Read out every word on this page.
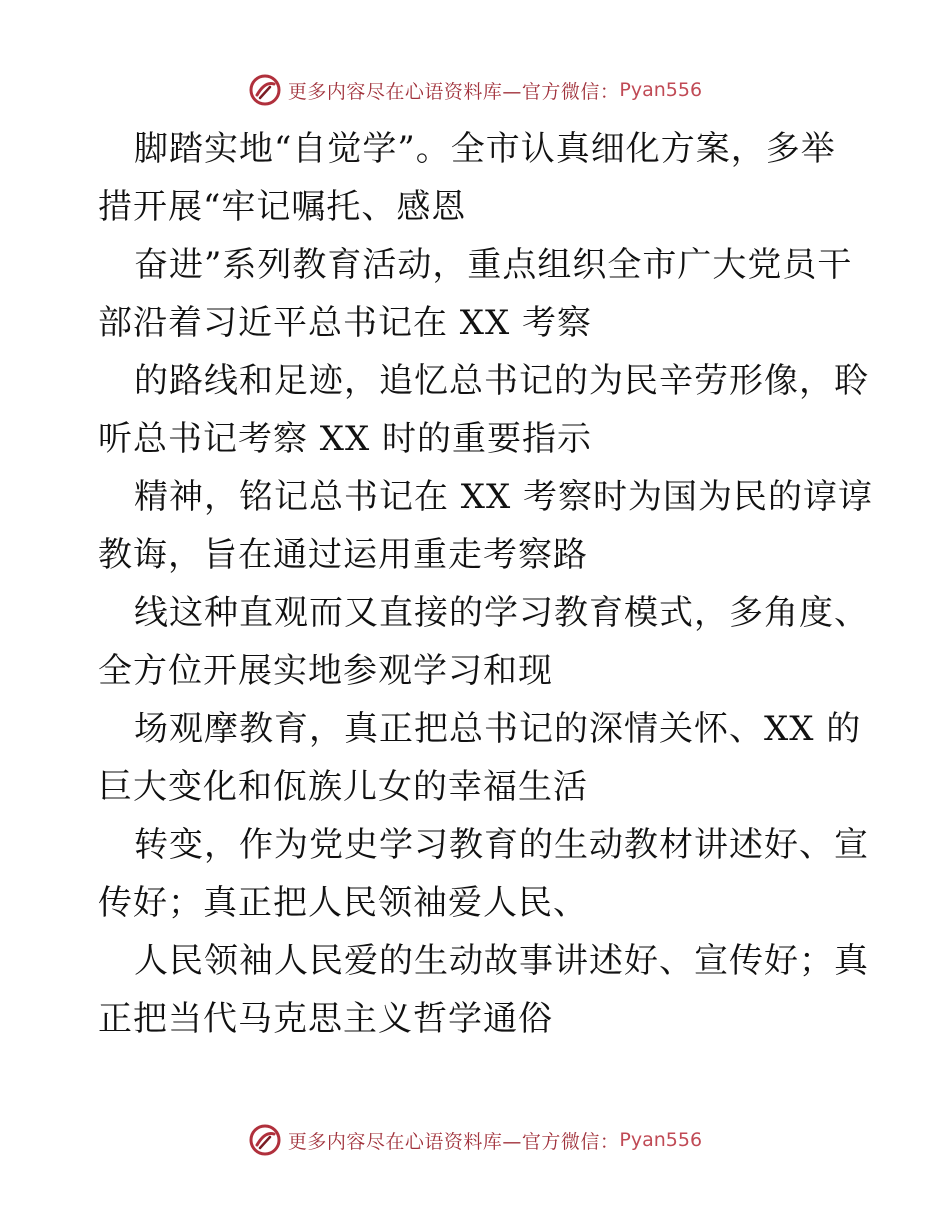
更多内容尽在心语资料库—官方微信： Pyan556
脚踏实地“自觉学”。全市认真细化方案，多举
措开展“牢记嘱托、感恩
奋进”系列教育活动，重点组织全市广大党员干
部沿着习近平总书记在 XX 考察
的路线和足迹，追忆总书记的为民辛劳形像，聆
听总书记考察 XX 时的重要指示
精神，铭记总书记在 XX 考察时为国为民的谆谆
教诲，旨在通过运用重走考察路
线这种直观而又直接的学习教育模式，多角度、
全方位开展实地参观学习和现
场观摩教育，真正把总书记的深情关怀、XX 的
巨大变化和佤族儿女的幸福生活
转变，作为党史学习教育的生动教材讲述好、宣
传好；真正把人民领袖爱人民、
人民领袖人民爱的生动故事讲述好、宣传好；真
正把当代马克思主义哲学通俗
更多内容尽在心语资料库—官方微信： Pyan556
